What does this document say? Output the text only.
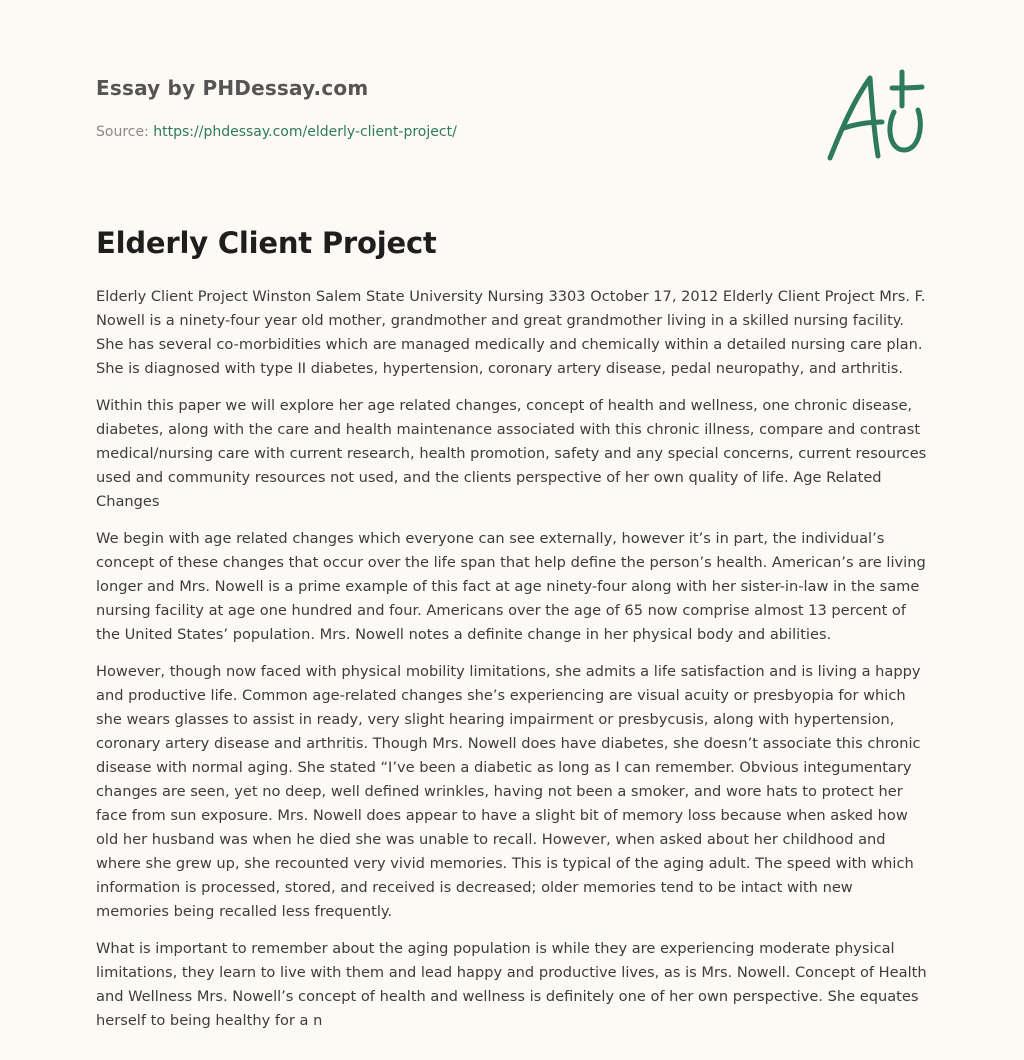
Essay by PHDessay.com

Source: https://phdessay.com/elderly-client-project/

Elderly Client Project

Elderly Client Project Winston Salem State University Nursing 3303 October 17, 2012 Elderly Client Project Mrs. F. Nowell is a ninety-four year old mother, grandmother and great grandmother living in a skilled nursing facility. She has several co-morbidities which are managed medically and chemically within a detailed nursing care plan. She is diagnosed with type II diabetes, hypertension, coronary artery disease, pedal neuropathy, and arthritis.

Within this paper we will explore her age related changes, concept of health and wellness, one chronic disease, diabetes, along with the care and health maintenance associated with this chronic illness, compare and contrast medical/nursing care with current research, health promotion, safety and any special concerns, current resources used and community resources not used, and the clients perspective of her own quality of life. Age Related Changes

We begin with age related changes which everyone can see externally, however it’s in part, the individual’s concept of these changes that occur over the life span that help define the person’s health. American’s are living longer and Mrs. Nowell is a prime example of this fact at age ninety-four along with her sister-in-law in the same nursing facility at age one hundred and four. Americans over the age of 65 now comprise almost 13 percent of the United States’ population. Mrs. Nowell notes a definite change in her physical body and abilities.

However, though now faced with physical mobility limitations, she admits a life satisfaction and is living a happy and productive life. Common age-related changes she’s experiencing are visual acuity or presbyopia for which she wears glasses to assist in ready, very slight hearing impairment or presbycusis, along with hypertension, coronary artery disease and arthritis. Though Mrs. Nowell does have diabetes, she doesn’t associate this chronic disease with normal aging. She stated “I’ve been a diabetic as long as I can remember. Obvious integumentary changes are seen, yet no deep, well defined wrinkles, having not been a smoker, and wore hats to protect her face from sun exposure. Mrs. Nowell does appear to have a slight bit of memory loss because when asked how old her husband was when he died she was unable to recall. However, when asked about her childhood and where she grew up, she recounted very vivid memories. This is typical of the aging adult. The speed with which information is processed, stored, and received is decreased; older memories tend to be intact with new memories being recalled less frequently.

What is important to remember about the aging population is while they are experiencing moderate physical limitations, they learn to live with them and lead happy and productive lives, as is Mrs. Nowell. Concept of Health and Wellness Mrs. Nowell’s concept of health and wellness is definitely one of her own perspective. She equates herself to being healthy for a n
